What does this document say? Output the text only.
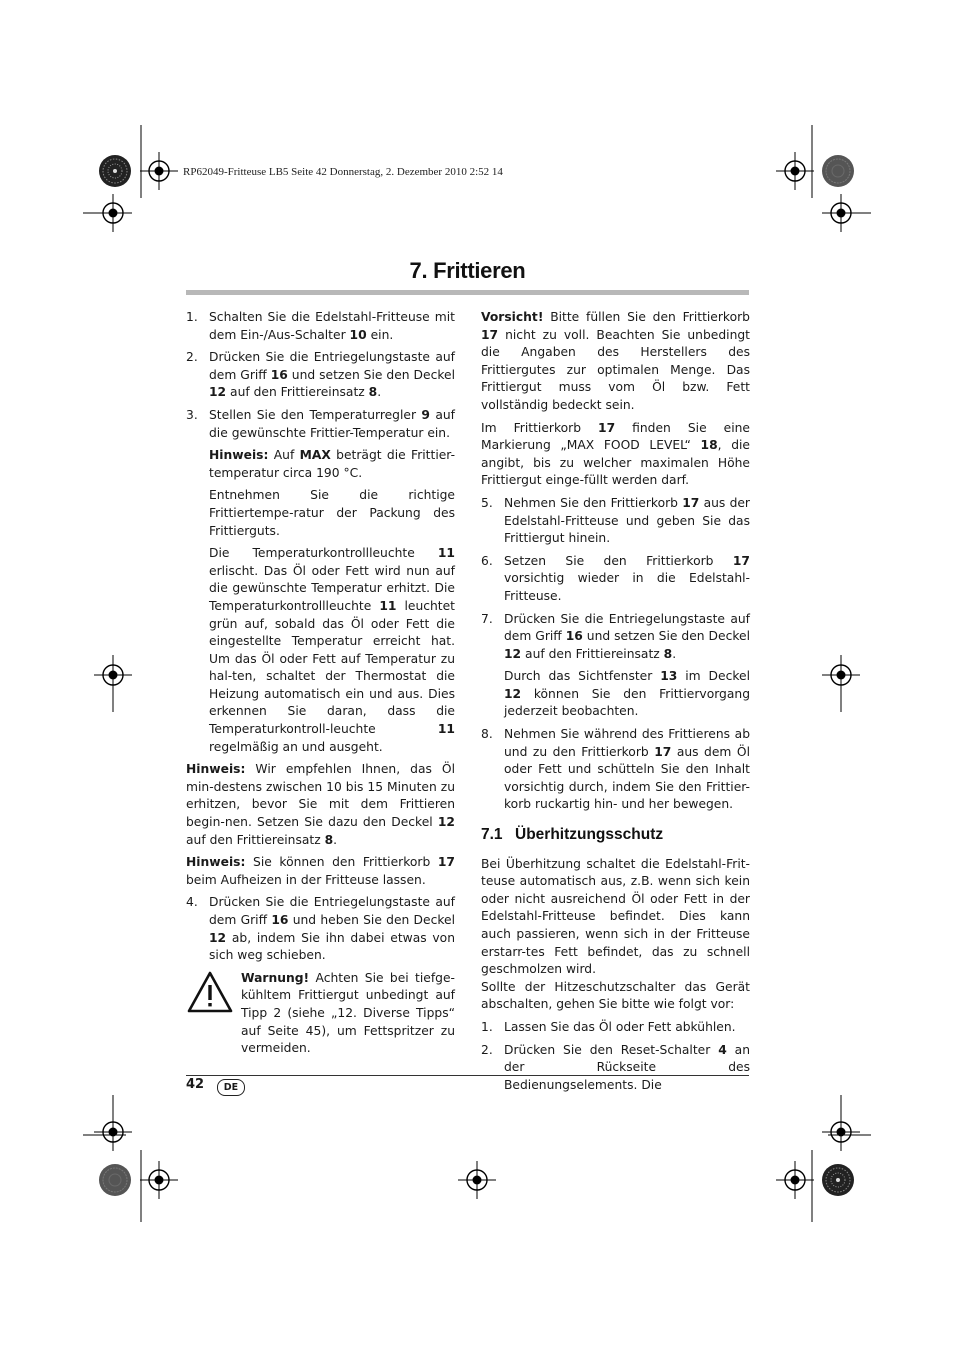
RP62049-Fritteuse LB5 Seite 42 Donnerstag, 2. Dezember 2010 2:52 14
7. Frittieren
1. Schalten Sie die Edelstahl-Fritteuse mit dem Ein-/Aus-Schalter 10 ein.
2. Drücken Sie die Entriegelungstaste auf dem Griff 16 und setzen Sie den Deckel 12 auf den Frittiereinsatz 8.
3. Stellen Sie den Temperaturregler 9 auf die gewünschte Frittier-Temperatur ein.

Hinweis: Auf MAX beträgt die Frittier-temperatur circa 190 °C.

Entnehmen Sie die richtige Frittiertempe-ratur der Packung des Frittierguts.

Die Temperaturkontrollleuchte 11 erlischt. Das Öl oder Fett wird nun auf die gewünschte Temperatur erhitzt. Die Temperaturkontrollleuchte 11 leuchtet grün auf, sobald das Öl oder Fett die eingestellte Temperatur erreicht hat. Um das Öl oder Fett auf Temperatur zu hal-ten, schaltet der Thermostat die Heizung automatisch ein und aus. Dies erkennen Sie daran, dass die Temperaturkontroll-leuchte 11 regelmäßig an und ausgeht.

Hinweis: Wir empfehlen Ihnen, das Öl min-destens zwischen 10 bis 15 Minuten zu erhitzen, bevor Sie mit dem Frittieren begin-nen. Setzen Sie dazu den Deckel 12 auf den Frittiereinsatz 8.

Hinweis: Sie können den Frittierkorb 17 beim Aufheizen in der Fritteuse lassen.

4. Drücken Sie die Entriegelungstaste auf dem Griff 16 und heben Sie den Deckel 12 ab, indem Sie ihn dabei etwas von sich weg schieben.

Warnung! Achten Sie bei tiefge-kühltem Frittiergut unbedingt auf Tipp 2 (siehe „12. Diverse Tipps“ auf Seite 45), um Fettspritzer zu vermeiden.

Vorsicht! Bitte füllen Sie den Frittierkorb 17 nicht zu voll. Beachten Sie unbedingt die Angaben des Herstellers des Frittiergutes zur optimalen Menge. Das Frittiergut muss vom Öl bzw. Fett vollständig bedeckt sein.

Im Frittierkorb 17 finden Sie eine Markierung „MAX FOOD LEVEL“ 18, die angibt, bis zu welcher maximalen Höhe Frittiergut einge-füllt werden darf.

5. Nehmen Sie den Frittierkorb 17 aus der Edelstahl-Fritteuse und geben Sie das Frittiergut hinein.
6. Setzen Sie den Frittierkorb 17 vorsichtig wieder in die Edelstahl-Fritteuse.
7. Drücken Sie die Entriegelungstaste auf dem Griff 16 und setzen Sie den Deckel 12 auf den Frittiereinsatz 8.

Durch das Sichtfenster 13 im Deckel 12 können Sie den Frittiervorgang jederzeit beobachten.

8. Nehmen Sie während des Frittierens ab und zu den Frittierkorb 17 aus dem Öl oder Fett und schütteln Sie den Inhalt vorsichtig durch, indem Sie den Frittier-korb ruckartig hin- und her bewegen.
7.1 Überhitzungsschutz

Bei Überhitzung schaltet die Edelstahl-Frit-teuse automatisch aus, z.B. wenn sich kein oder nicht ausreichend Öl oder Fett in der Edelstahl-Fritteuse befindet. Dies kann auch passieren, wenn sich in der Fritteuse erstarr-tes Fett befindet, das zu schnell geschmolzen wird.

Sollte der Hitzeschutzschalter das Gerät abschalten, gehen Sie bitte wie folgt vor:

1. Lassen Sie das Öl oder Fett abkühlen.
2. Drücken Sie den Reset-Schalter 4 an der Rückseite des Bedienungselements. Die
42	DE
